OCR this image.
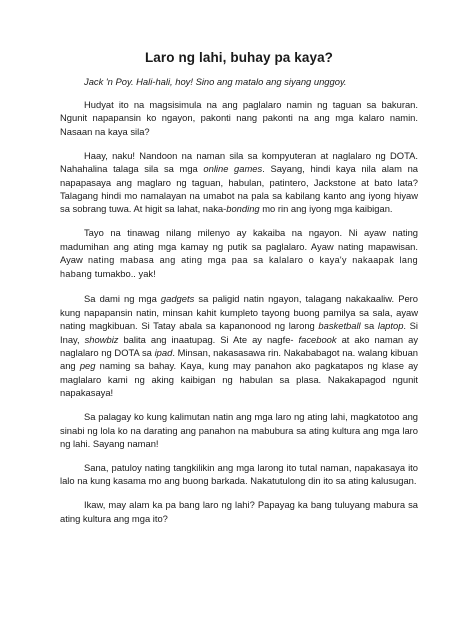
Laro ng lahi, buhay pa kaya?
Jack 'n Poy. Hali-hali, hoy! Sino ang matalo ang siyang unggoy.

Hudyat ito na magsisimula na ang paglalaro namin ng taguan sa bakuran. Ngunit napapansin ko ngayon, pakonti nang pakonti na ang mga kalaro namin. Nasaan na kaya sila?

Haay, naku! Nandoon na naman sila sa kompyuteran at naglalaro ng DOTA. Nahahalina talaga sila sa mga online games. Sayang, hindi kaya nila alam na napapasaya ang maglaro ng taguan, habulan, patintero, Jackstone at bato lata? Talagang hindi mo namalayan na umabot na pala sa kabilang kanto ang iyong hiyaw sa sobrang tuwa. At higit sa lahat, naka-bonding mo rin ang iyong mga kaibigan.

Tayo na tinawag nilang milenyo ay kakaiba na ngayon. Ni ayaw nating madumihan ang ating mga kamay ng putik sa paglalaro. Ayaw nating mapawisan. Ayaw nating mabasa ang ating mga paa sa kalalaro o kaya'y nakaapak lang habang tumakbo.. yak!

Sa dami ng mga gadgets sa paligid natin ngayon, talagang nakakaaliw. Pero kung napapansin natin, minsan kahit kumpleto tayong buong pamilya sa sala, ayaw nating magkibuan. Si Tatay abala sa kapanonood ng larong basketball sa laptop. Si Inay, showbiz balita ang inaatupag. Si Ate ay nagfe- facebook at ako naman ay naglalaro ng DOTA sa ipad. Minsan, nakasasawa rin. Nakababagot na. walang kibuan ang peg naming sa bahay. Kaya, kung may panahon ako pagkatapos ng klase ay maglalaro kami ng aking kaibigan ng habulan sa plasa. Nakakapagod ngunit napakasaya!

Sa palagay ko kung kalimutan natin ang mga laro ng ating lahi, magkatotoo ang sinabi ng lola ko na darating ang panahon na mabubura sa ating kultura ang mga laro ng lahi. Sayang naman!

Sana, patuloy nating tangkilikin ang mga larong ito tutal naman, napakasaya ito lalo na kung kasama mo ang buong barkada. Nakatutulong din ito sa ating kalusugan.

Ikaw, may alam ka pa bang laro ng lahi? Papayag ka bang tuluyang mabura sa ating kultura ang mga ito?
